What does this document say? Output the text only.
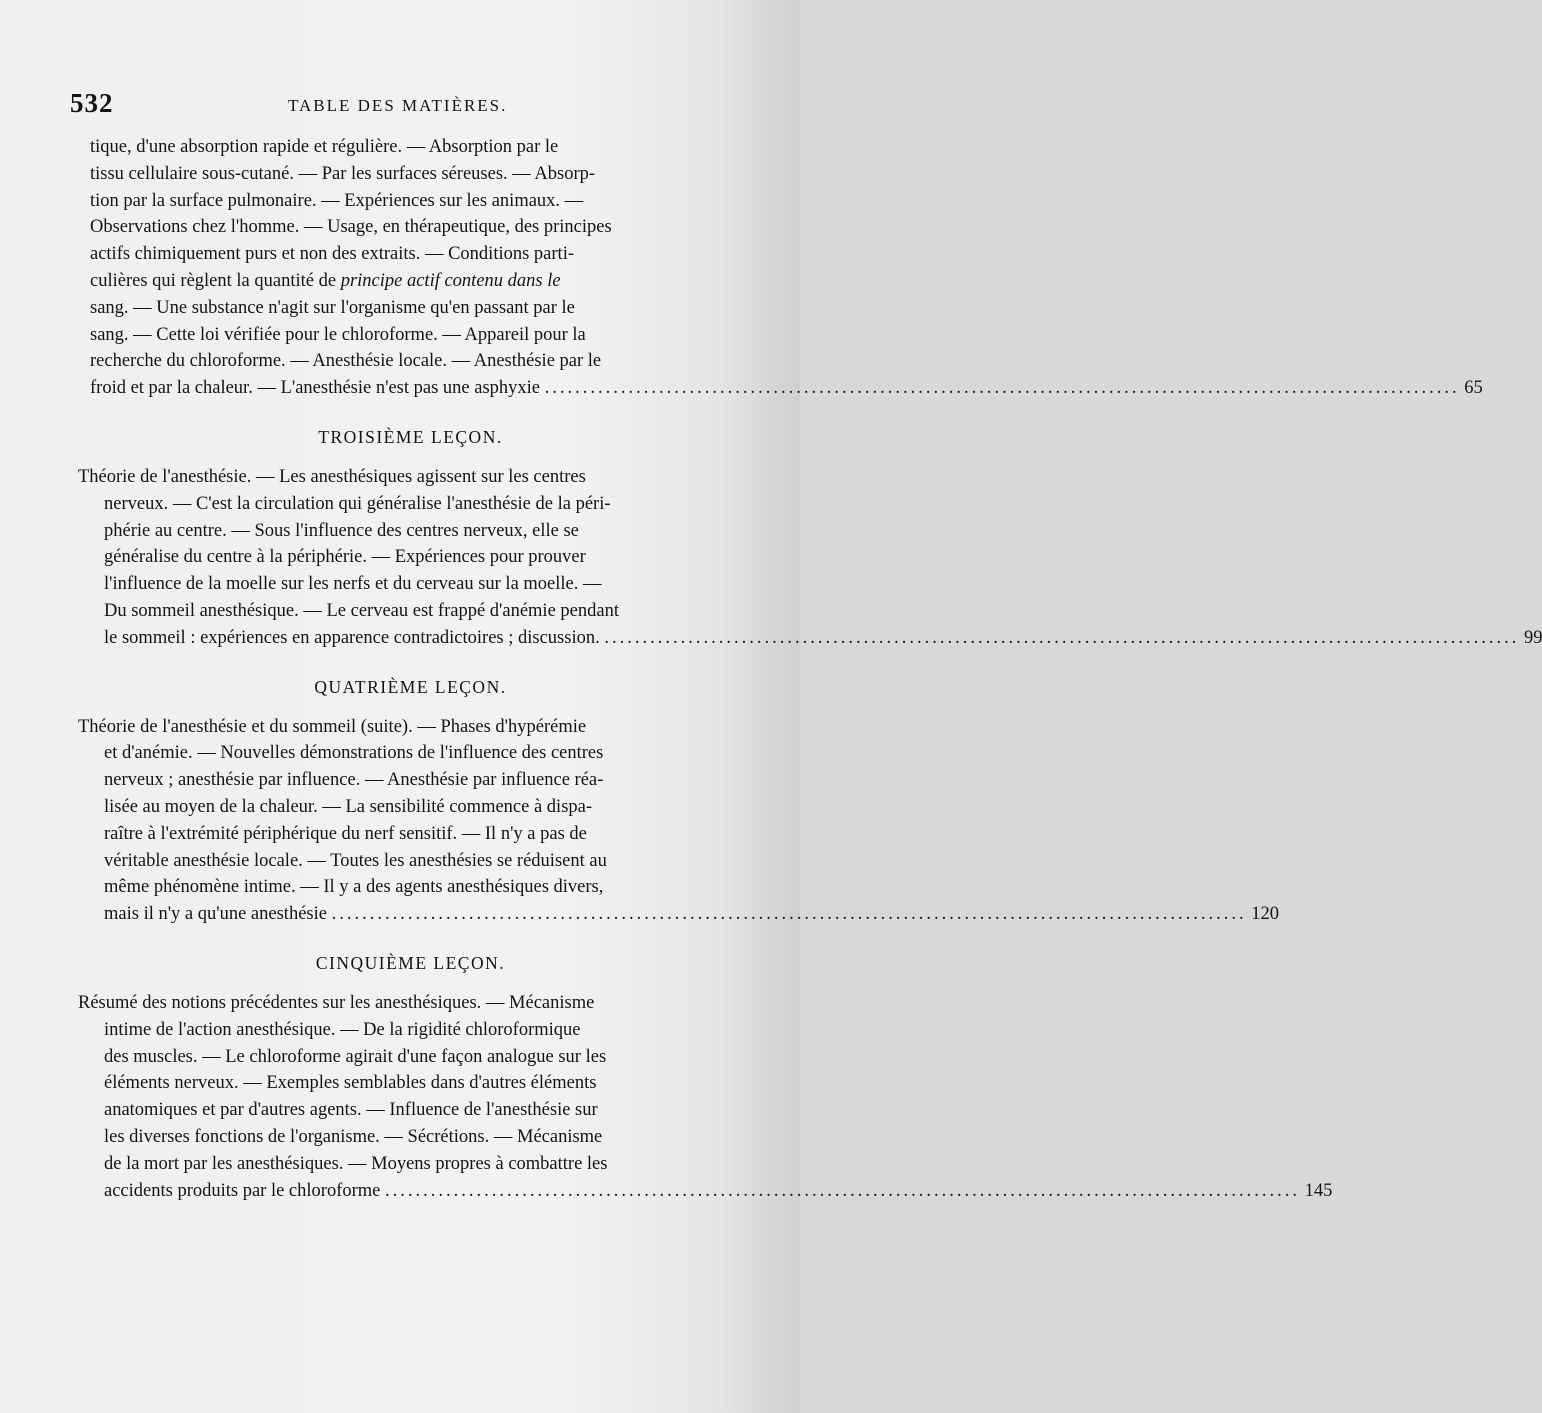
532	TABLE DES MATIÈRES.
tique, d'une absorption rapide et régulière. — Absorption par le
tissu cellulaire sous-cutané. — Par les surfaces séreuses. — Absorp-
tion par la surface pulmonaire. — Expériences sur les animaux. —
Observations chez l'homme. — Usage, en thérapeutique, des principes
actifs chimiquement purs et non des extraits. — Conditions parti-
culières qui règlent la quantité de principe actif contenu dans le
sang. — Une substance n'agit sur l'organisme qu'en passant par le
sang. — Cette loi vérifiée pour le chloroforme. — Appareil pour la
recherche du chloroforme. — Anesthésie locale. — Anesthésie par le
froid et par la chaleur. — L'anesthésie n'est pas une asphyxie .....	65
TROISIÈME LEÇON.
Théorie de l'anesthésie. — Les anesthésiques agissent sur les centres
nerveux. — C'est la circulation qui généralise l'anesthésie de la péri-
phérie au centre. — Sous l'influence des centres nerveux, elle se
généralise du centre à la périphérie. — Expériences pour prouver
l'influence de la moelle sur les nerfs et du cerveau sur la moelle. —
Du sommeil anesthésique. — Le cerveau est frappé d'anémie pendant
le sommeil : expériences en apparence contradictoires ; discussion. .....	99
QUATRIÈME LEÇON.
Théorie de l'anesthésie et du sommeil (suite). — Phases d'hypérémie
et d'anémie. — Nouvelles démonstrations de l'influence des centres
nerveux ; anesthésie par influence. — Anesthésie par influence réa-
lisée au moyen de la chaleur. — La sensibilité commence à dispa-
raître à l'extrémité périphérique du nerf sensitif. — Il n'y a pas de
véritable anesthésie locale. — Toutes les anesthésies se réduisent au
même phénomène intime. — Il y a des agents anesthésiques divers,
mais il n'y a qu'une anesthésie .....	120
CINQUIÈME LEÇON.
Résumé des notions précédentes sur les anesthésiques. — Mécanisme
intime de l'action anesthésique. — De la rigidité chloroformique
des muscles. — Le chloroforme agirait d'une façon analogue sur les
éléments nerveux. — Exemples semblables dans d'autres éléments
anatomiques et par d'autres agents. — Influence de l'anesthésie sur
les diverses fonctions de l'organisme. — Sécrétions. — Mécanisme
de la mort par les anesthésiques. — Moyens propres à combattre les
accidents produits par le chloroforme .....	145
